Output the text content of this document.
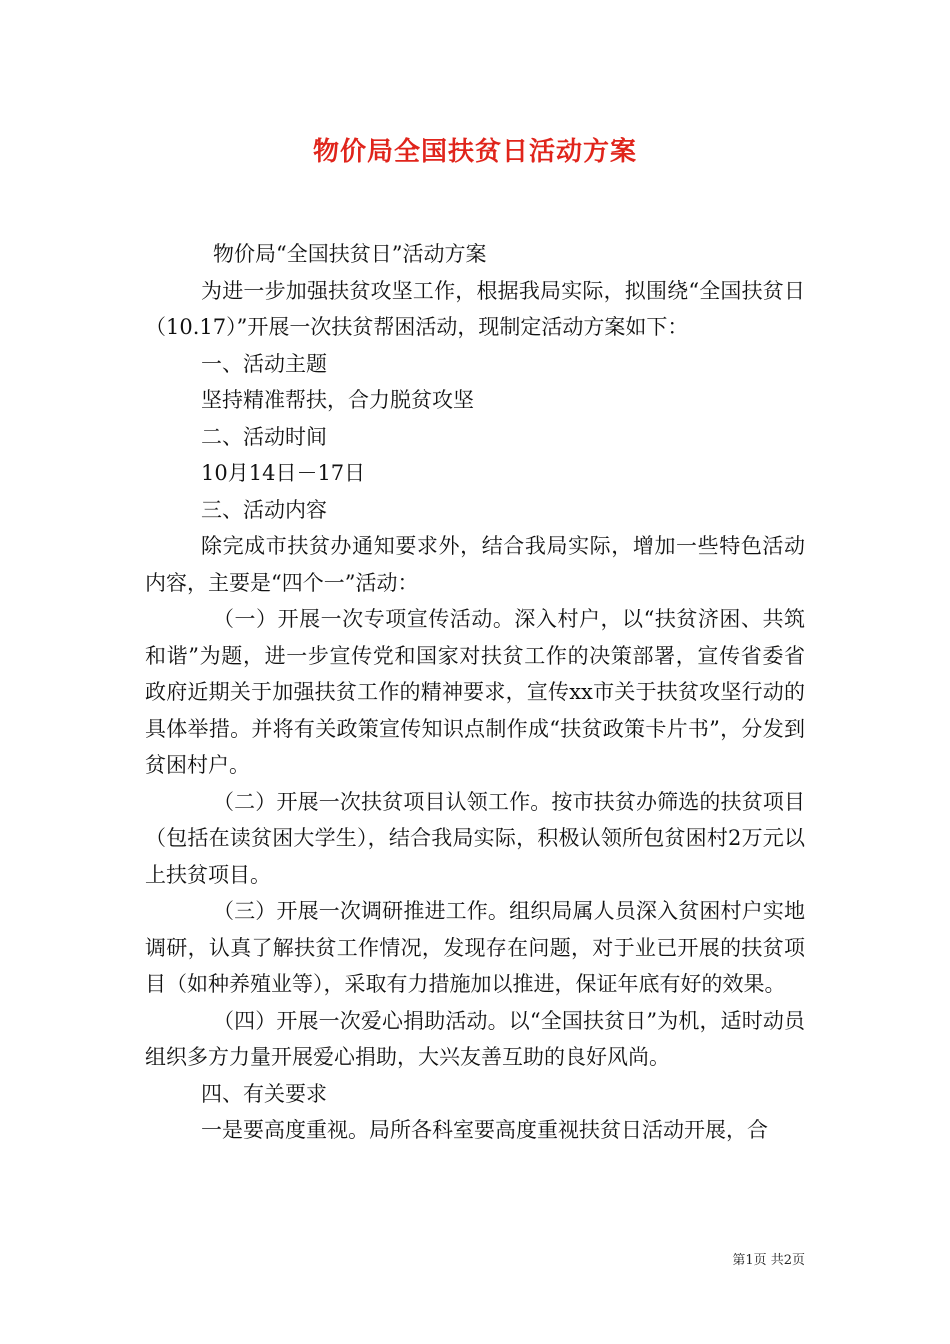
物价局全国扶贫日活动方案

物价局“全国扶贫日”活动方案

为进一步加强扶贫攻坚工作，根据我局实际，拟围绕“全国扶贫日（10.17）”开展一次扶贫帮困活动，现制定活动方案如下：

一、活动主题

坚持精准帮扶，合力脱贫攻坚

二、活动时间

10月14日－17日

三、活动内容

除完成市扶贫办通知要求外，结合我局实际，增加一些特色活动内容，主要是“四个一”活动：

（一）开展一次专项宣传活动。深入村户，以“扶贫济困、共筑和谐”为题，进一步宣传党和国家对扶贫工作的决策部署，宣传省委省政府近期关于加强扶贫工作的精神要求，宣传xx市关于扶贫攻坚行动的具体举措。并将有关政策宣传知识点制作成“扶贫政策卡片书”，分发到贫困村户。

（二）开展一次扶贫项目认领工作。按市扶贫办筛选的扶贫项目（包括在读贫困大学生），结合我局实际，积极认领所包贫困村2万元以上扶贫项目。

（三）开展一次调研推进工作。组织局属人员深入贫困村户实地调研，认真了解扶贫工作情况，发现存在问题，对于业已开展的扶贫项目（如种养殖业等），采取有力措施加以推进，保证年底有好的效果。

（四）开展一次爱心捐助活动。以“全国扶贫日”为机，适时动员组织多方力量开展爱心捐助，大兴友善互助的良好风尚。

四、有关要求

一是要高度重视。局所各科室要高度重视扶贫日活动开展，合

第1页 共2页
